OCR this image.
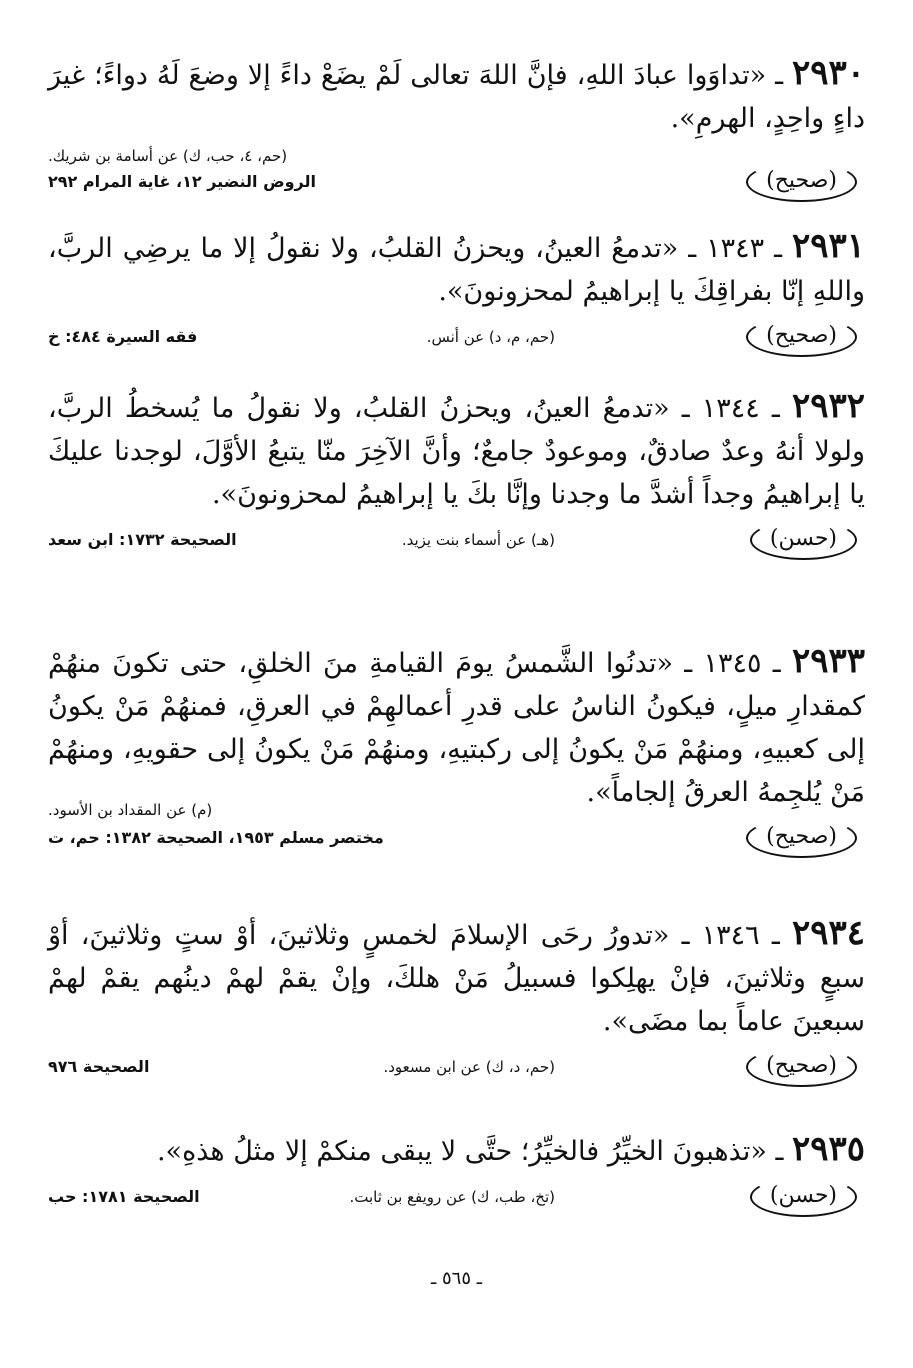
٢٩٣٠ ـ «تداوَوا عبادَ اللهِ، فإنَّ اللهَ تعالى لَمْ يضَعْ داءً إلا وضعَ لَهُ دواءً؛ غيرَ داءٍ واحِدٍ، الهرمِ».

(حم، ٤، حب، ك) عن أسامة بن شريك.
(صحيح)
الروض النضير ١٢، غاية المرام ٢٩٢

٢٩٣١ ـ ١٣٤٣ ـ «تدمعُ العينُ، ويحزنُ القلبُ، ولا نقولُ إلا ما يرضِي الربَّ، واللهِ إنّا بفراقِكَ يا إبراهيمُ لمحزونونَ».

(حم، م، د) عن أنس.	(صحيح)
فقه السيرة ٤٨٤: خ

٢٩٣٢ ـ ١٣٤٤ ـ «تدمعُ العينُ، ويحزنُ القلبُ، ولا نقولُ ما يُسخطُ الربَّ، ولولا أنهُ وعدٌ صادقٌ، وموعودٌ جامعٌ؛ وأنَّ الآخِرَ منّا يتبعُ الأوَّلَ، لوجدنا عليكَ يا إبراهيمُ وجداً أشدَّ ما وجدنا وإنَّا بكَ يا إبراهيمُ لمحزونونَ».

(هـ) عن أسماء بنت يزيد.	(حسن)
الصحيحة ١٧٣٢: ابن سعد

٢٩٣٣ ـ ١٣٤٥ ـ «تدنُوا الشَّمسُ يومَ القيامةِ منَ الخلقِ، حتى تكونَ منهُمْ كمقدارِ ميلٍ، فيكونُ الناسُ على قدرِ أعمالهِمْ في العرقِ، فمنهُمْ مَنْ يكونُ إلى كعبيهِ، ومنهُمْ مَنْ يكونُ إلى ركبتيهِ، ومنهُمْ مَنْ يكونُ إلى حقويهِ، ومنهُمْ مَنْ يُلجِمهُ العرقُ إلجاماً».

(صحيح)
مختصر مسلم ١٩٥٣، الصحيحة ١٣٨٢: حم، ت
(م) عن المقداد بن الأسود.

٢٩٣٤ ـ ١٣٤٦ ـ «تدورُ رحَى الإسلامَ لخمسٍ وثلاثينَ، أوْ ستٍ وثلاثينَ، أوْ سبعٍ وثلاثينَ، فإنْ يهلِكوا فسبيلُ مَنْ هلكَ، وإنْ يقمْ لهمْ دينُهم يقمْ لهمْ سبعينَ عاماً بما مضَى».

(حم، د، ك) عن ابن مسعود.	(صحيح)
الصحيحة ٩٧٦

٢٩٣٥ ـ «تذهبونَ الخيِّرُ فالخيِّرُ؛ حتَّى لا يبقى منكمْ إلا مثلُ هذهِ».

(تخ، طب، ك) عن رويفع بن ثابت.	(حسن)
الصحيحة ١٧٨١: حب
ـ ٥٦٥ ـ
